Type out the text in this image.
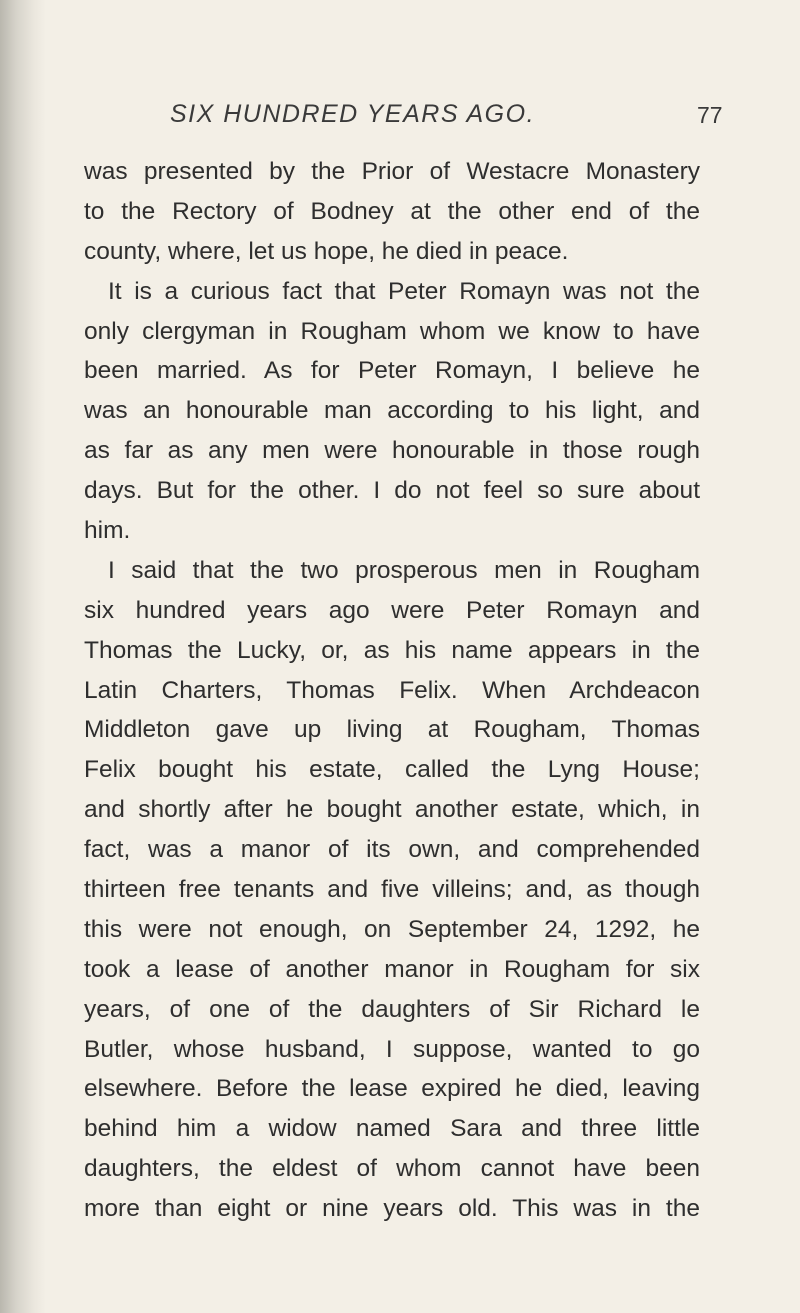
SIX HUNDRED YEARS AGO.	77
was presented by the Prior of Westacre Monastery
to the Rectory of Bodney at the other end of the
county, where, let us hope, he died in peace.
It is a curious fact that Peter Romayn was not the
only clergyman in Rougham whom we know to have
been married. As for Peter Romayn, I believe he
was an honourable man according to his light, and
as far as any men were honourable in those rough
days. But for the other. I do not feel so sure about
him.
I said that the two prosperous men in Rougham
six hundred years ago were Peter Romayn and
Thomas the Lucky, or, as his name appears in the
Latin Charters, Thomas Felix. When Archdeacon
Middleton gave up living at Rougham, Thomas
Felix bought his estate, called the Lyng House;
and shortly after he bought another estate, which, in
fact, was a manor of its own, and comprehended
thirteen free tenants and five villeins; and, as though
this were not enough, on September 24, 1292, he
took a lease of another manor in Rougham for six
years, of one of the daughters of Sir Richard le
Butler, whose husband, I suppose, wanted to go
elsewhere. Before the lease expired he died, leaving
behind him a widow named Sara and three little
daughters, the eldest of whom cannot have been
more than eight or nine years old. This was in the
